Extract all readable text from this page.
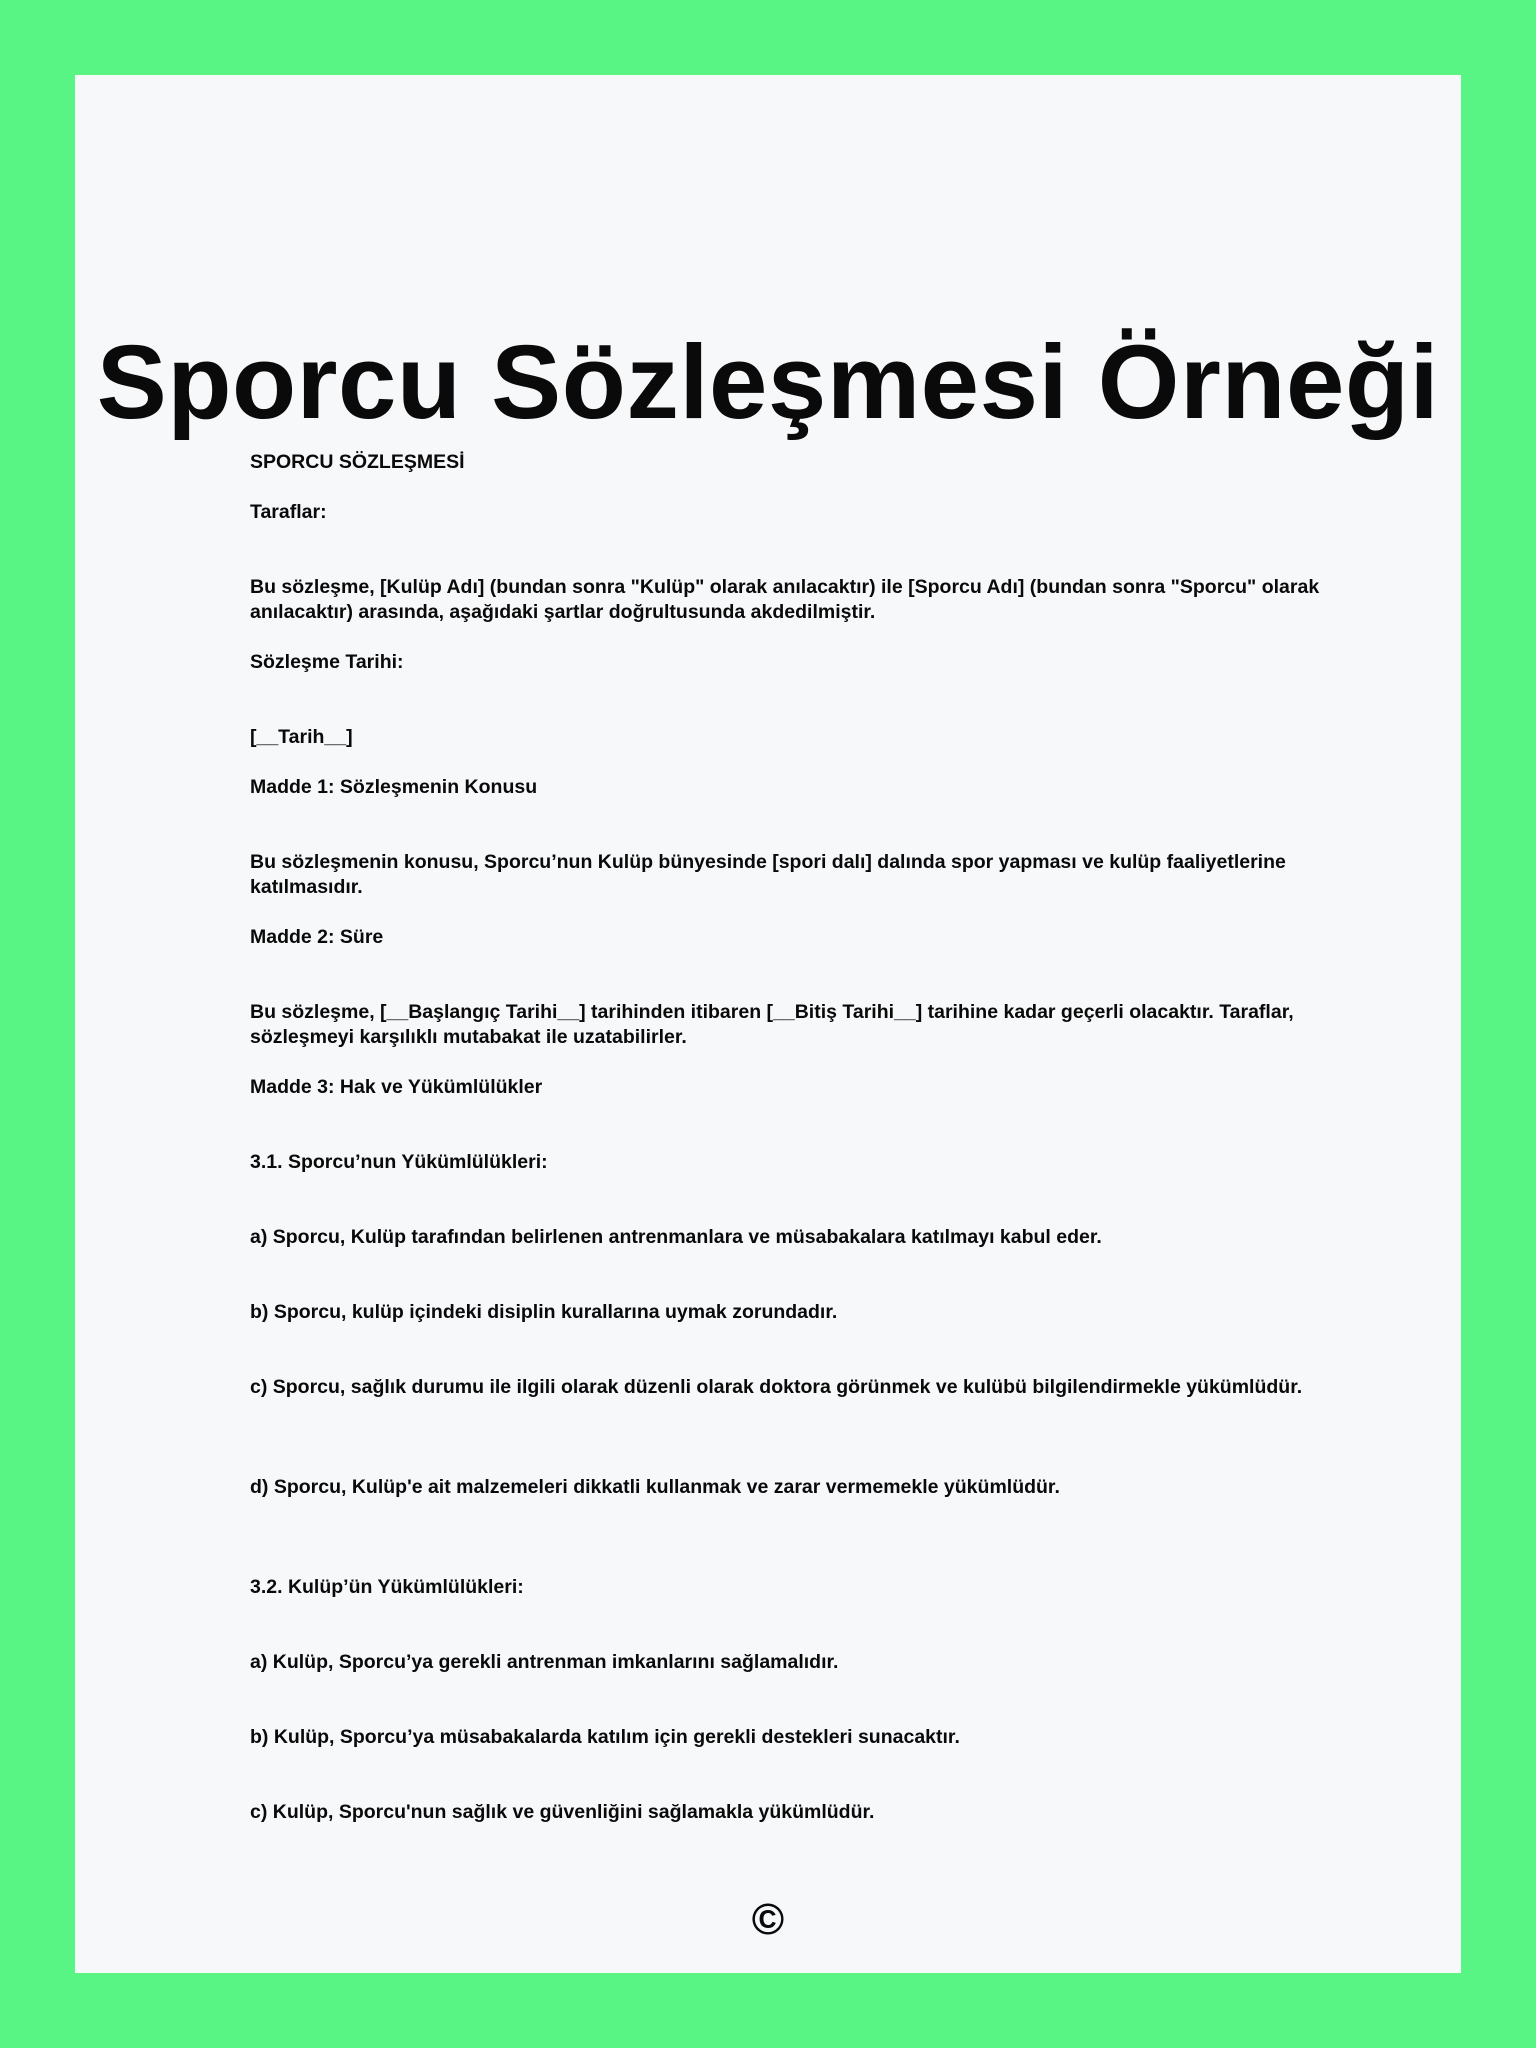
Sporcu Sözleşmesi Örneği

SPORCU SÖZLEŞMESİ

Taraflar:

Bu sözleşme, [Kulüp Adı] (bundan sonra "Kulüp" olarak anılacaktır) ile [Sporcu Adı] (bundan sonra "Sporcu" olarak anılacaktır) arasında, aşağıdaki şartlar doğrultusunda akdedilmiştir.

Sözleşme Tarihi:

[__Tarih__]

Madde 1: Sözleşmenin Konusu

Bu sözleşmenin konusu, Sporcu’nun Kulüp bünyesinde [spori dalı] dalında spor yapması ve kulüp faaliyetlerine katılmasıdır.

Madde 2: Süre

Bu sözleşme, [__Başlangıç Tarihi__] tarihinden itibaren [__Bitiş Tarihi__] tarihine kadar geçerli olacaktır. Taraflar, sözleşmeyi karşılıklı mutabakat ile uzatabilirler.

Madde 3: Hak ve Yükümlülükler

3.1. Sporcu’nun Yükümlülükleri:

a) Sporcu, Kulüp tarafından belirlenen antrenmanlara ve müsabakalara katılmayı kabul eder.

b) Sporcu, kulüp içindeki disiplin kurallarına uymak zorundadır.

c) Sporcu, sağlık durumu ile ilgili olarak düzenli olarak doktora görünmek ve kulübü bilgilendirmekle yükümlüdür.

d) Sporcu, Kulüp'e ait malzemeleri dikkatli kullanmak ve zarar vermemekle yükümlüdür.

3.2. Kulüp’ün Yükümlülükleri:

a) Kulüp, Sporcu’ya gerekli antrenman imkanlarını sağlamalıdır.

b) Kulüp, Sporcu’ya müsabakalarda katılım için gerekli destekleri sunacaktır.

c) Kulüp, Sporcu'nun sağlık ve güvenliğini sağlamakla yükümlüdür.

©
